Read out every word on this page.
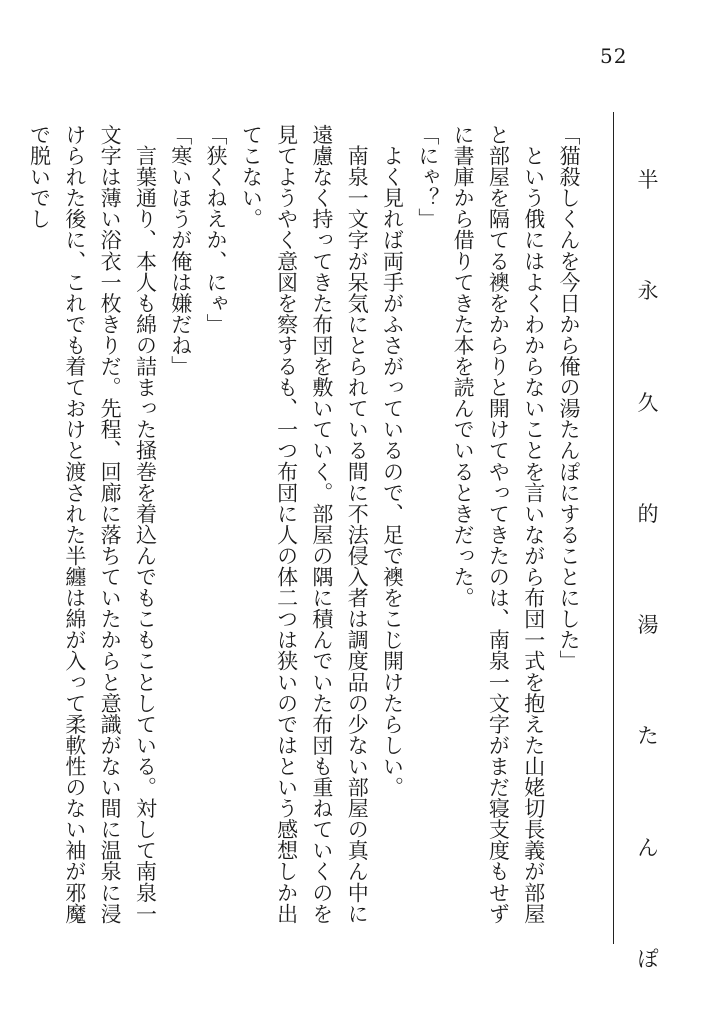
52
半
永
久
的
湯
た
ん
ぽ

「猫殺しくんを今日から俺の湯たんぽにすることにした」

　という俄にはよくわからないことを言いながら布団一式を抱えた山姥切長義が部屋と部屋を隔てる襖をからりと開けてやってきたのは、南泉一文字がまだ寝支度もせずに書庫から借りてきた本を読んでいるときだった。

「にゃ？」

　よく見れば両手がふさがっているので、足で襖をこじ開けたらしい。

　南泉一文字が呆気にとられている間に不法侵入者は調度品の少ない部屋の真ん中に遠慮なく持ってきた布団を敷いていく。部屋の隅に積んでいた布団も重ねていくのを見てようやく意図を察するも、一つ布団に人の体二つは狭いのではという感想しか出てこない。

「狭くねえか、にゃ」

「寒いほうが俺は嫌だね」

　言葉通り、本人も綿の詰まった掻巻を着込んでもこもことしている。対して南泉一文字は薄い浴衣一枚きりだ。先程、回廊に落ちていたからと意識がない間に温泉に浸けられた後に、これでも着ておけと渡された半纏は綿が入って柔軟性のない袖が邪魔で脱いでし
